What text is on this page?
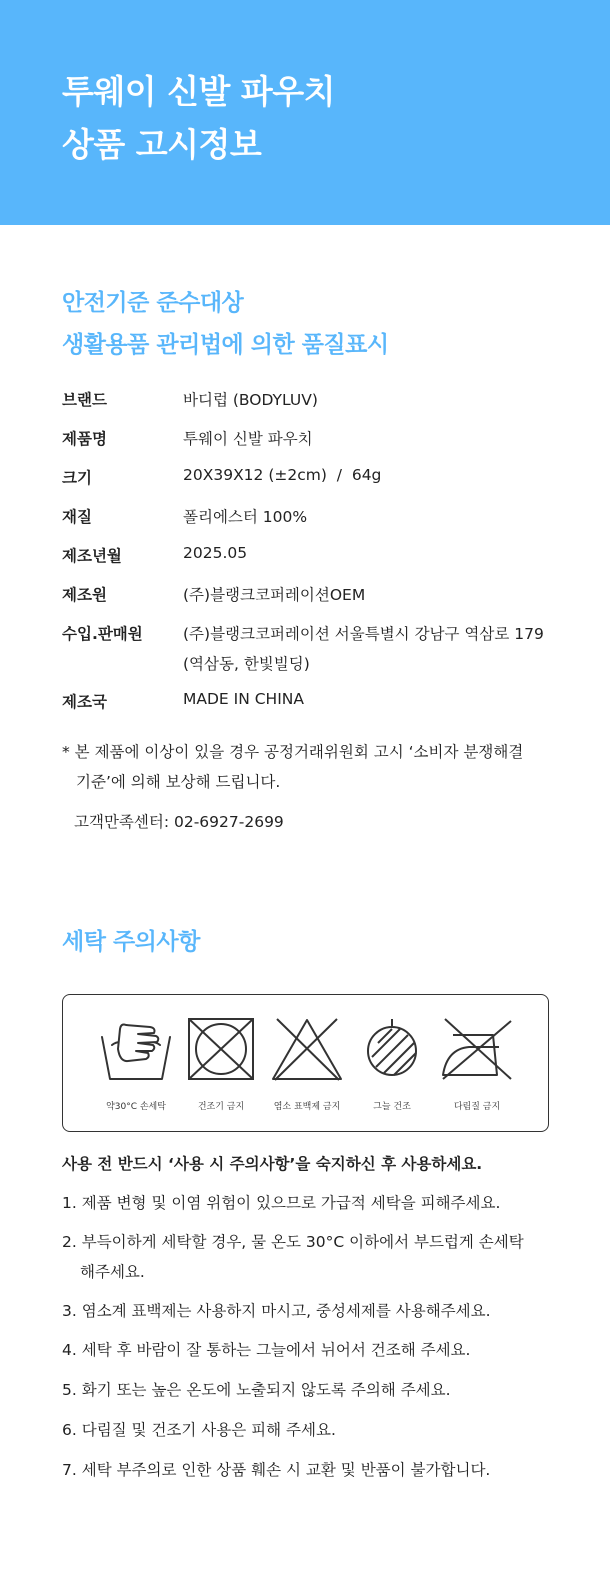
투웨이 신발 파우치
상품 고시정보
안전기준 준수대상
생활용품 관리법에 의한 품질표시
브랜드	바디럽 (BODYLUV)
제품명	투웨이 신발 파우치
크기	20X39X12 (±2cm)  /  64g
재질	폴리에스터 100%
제조년월	2025.05
제조원	(주)블랭크코퍼레이션OEM
수입.판매원	(주)블랭크코퍼레이션 서울특별시 강남구 역삼로 179
(역삼동, 한빛빌딩)
제조국	MADE IN CHINA
* 본 제품에 이상이 있을 경우 공정거래위원회 고시 ‘소비자 분쟁해결
기준’에 의해 보상해 드립니다.
고객만족센터: 02-6927-2699
세탁 주의사항
약30°C 손세탁	건조기 금지	염소 표백제 금지	그늘 건조	다림질 금지
사용 전 반드시 ‘사용 시 주의사항’을 숙지하신 후 사용하세요.
1. 제품 변형 및 이염 위험이 있으므로 가급적 세탁을 피해주세요.
2. 부득이하게 세탁할 경우, 물 온도 30°C 이하에서 부드럽게 손세탁
해주세요.
3. 염소계 표백제는 사용하지 마시고, 중성세제를 사용해주세요.
4. 세탁 후 바람이 잘 통하는 그늘에서 뉘어서 건조해 주세요.
5. 화기 또는 높은 온도에 노출되지 않도록 주의해 주세요.
6. 다림질 및 건조기 사용은 피해 주세요.
7. 세탁 부주의로 인한 상품 훼손 시 교환 및 반품이 불가합니다.
